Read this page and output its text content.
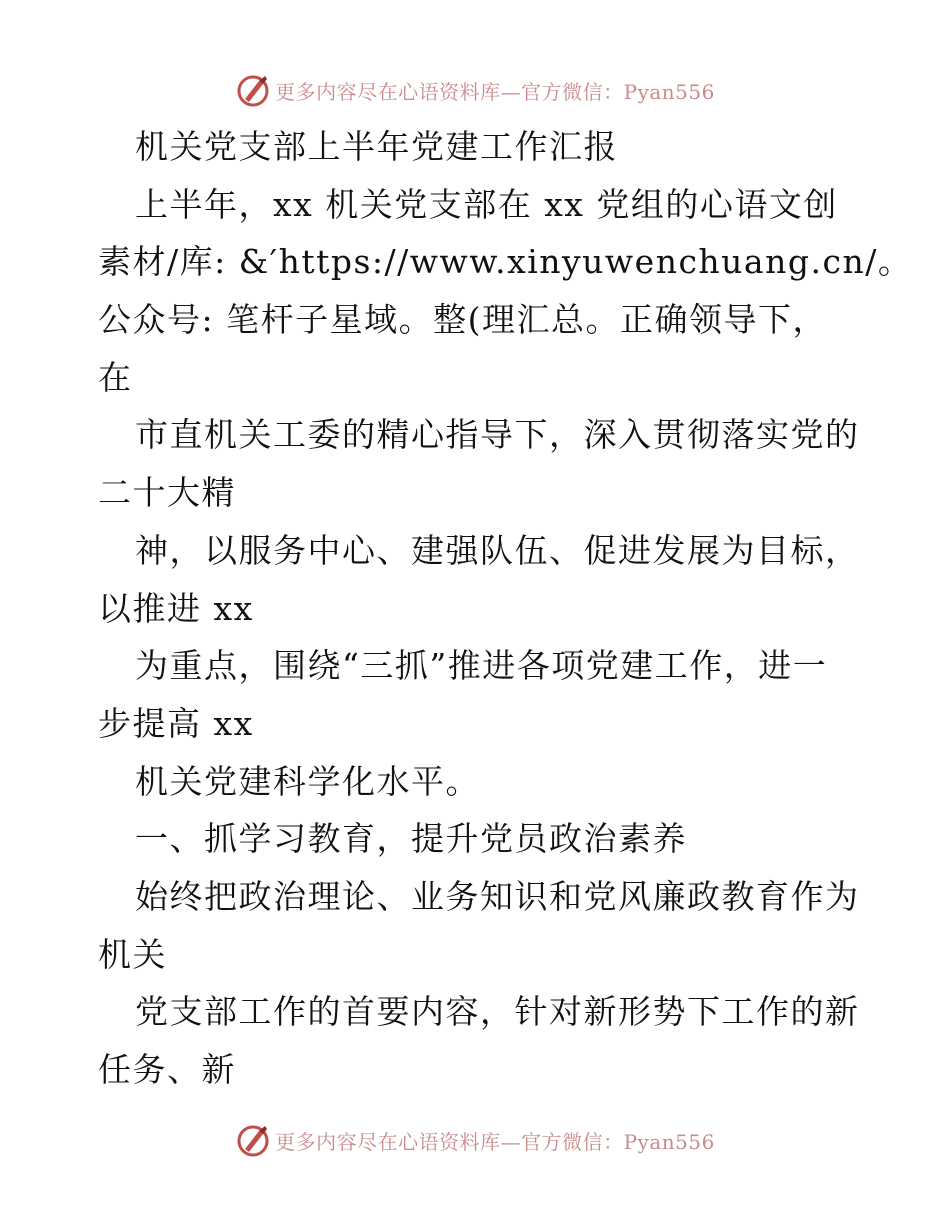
更多内容尽在心语资料库—官方微信：Pyan556
机关党支部上半年党建工作汇报
上半年，xx 机关党支部在 xx 党组的心语文创
素材/库: &′https://www.xinyuwenchuang.cn/。
公众号: 笔杆子星域。整(理汇总。正确领导下，
在
市直机关工委的精心指导下，深入贯彻落实党的
二十大精
神，以服务中心、建强队伍、促进发展为目标，
以推进 xx
为重点，围绕“三抓”推进各项党建工作，进一
步提高 xx
机关党建科学化水平。
一、抓学习教育，提升党员政治素养
始终把政治理论、业务知识和党风廉政教育作为
机关
党支部工作的首要内容，针对新形势下工作的新
任务、新
更多内容尽在心语资料库—官方微信：Pyan556
